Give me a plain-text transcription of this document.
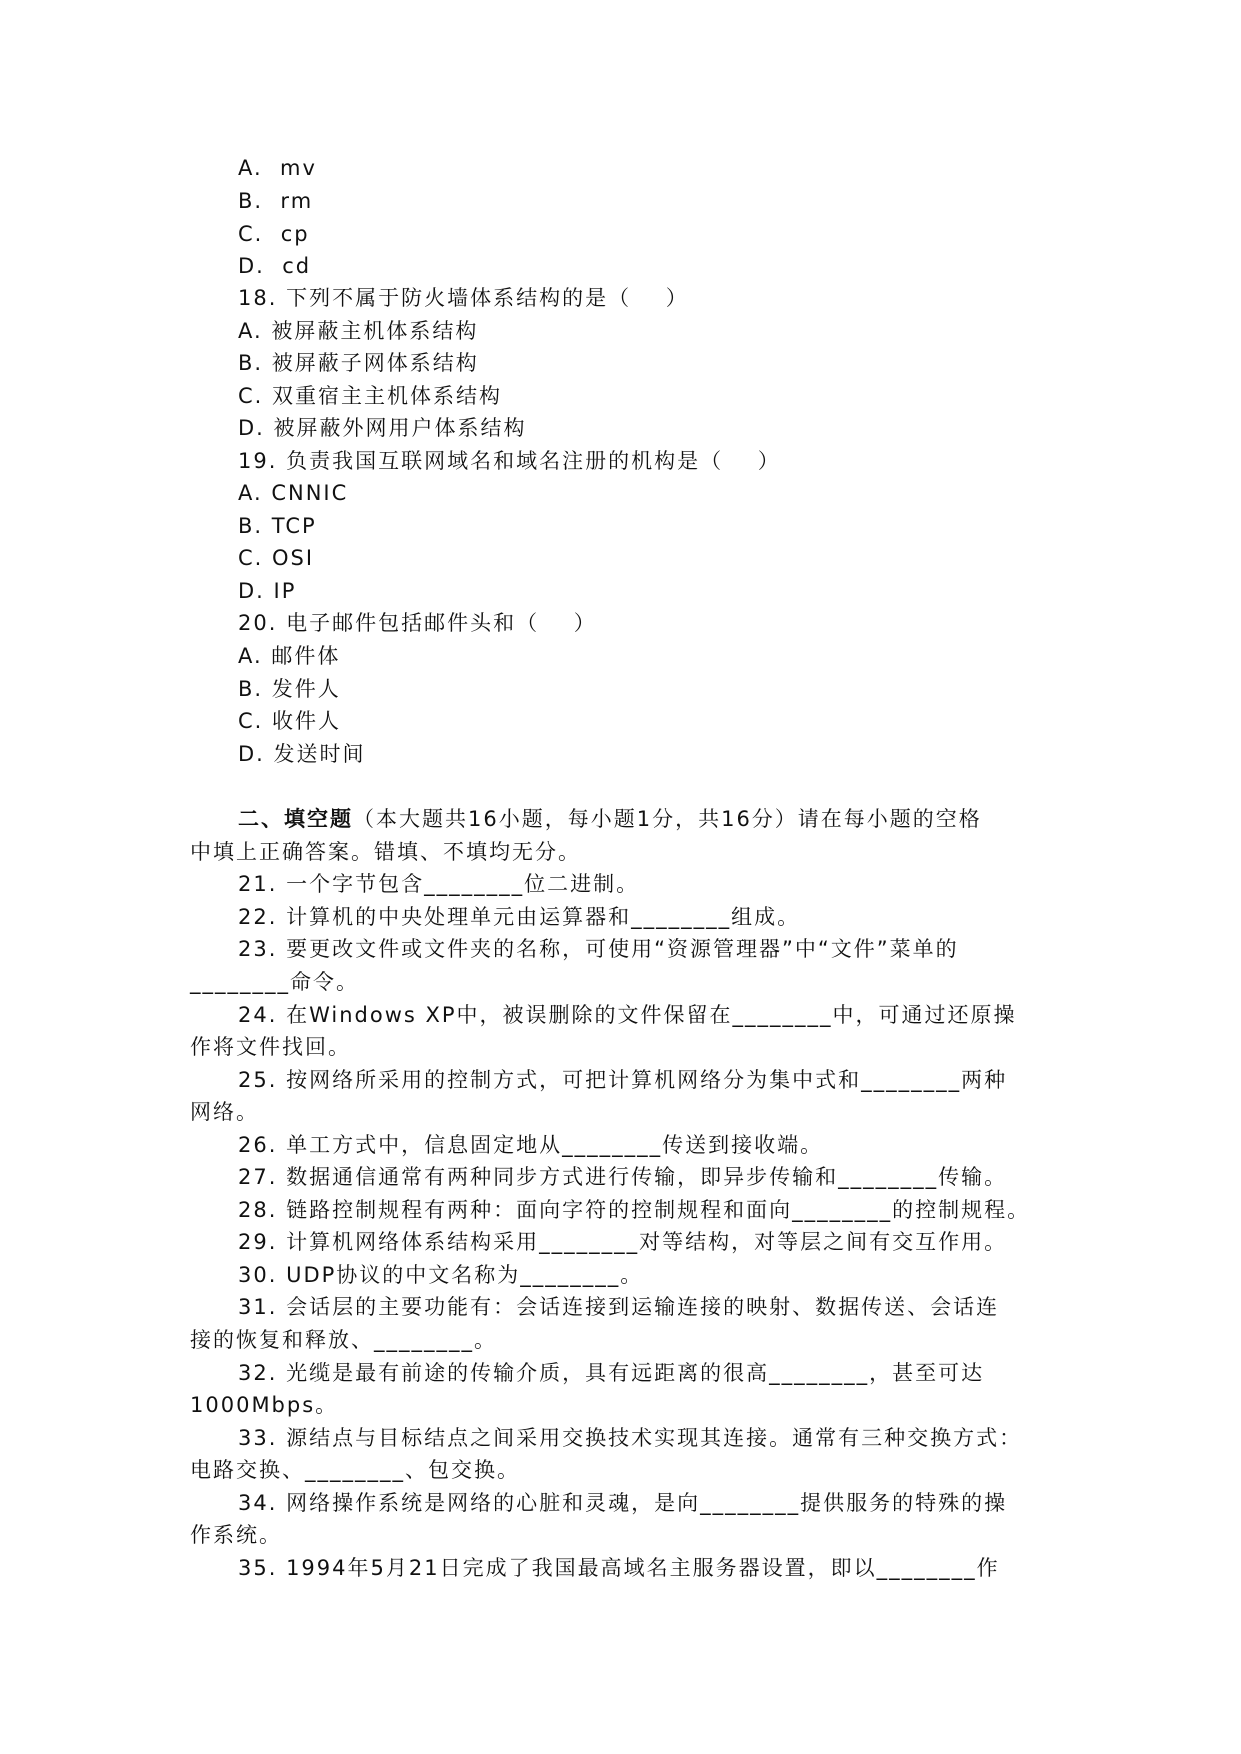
A.  mv
B.  rm
C.  cp
D.  cd
18. 下列不属于防火墙体系结构的是（    ）
A. 被屏蔽主机体系结构
B. 被屏蔽子网体系结构
C. 双重宿主主机体系结构
D. 被屏蔽外网用户体系结构
19. 负责我国互联网域名和域名注册的机构是（    ）
A. CNNIC
B. TCP
C. OSI
D. IP
20. 电子邮件包括邮件头和（    ）
A. 邮件体
B. 发件人
C. 收件人
D. 发送时间
二、填空题（本大题共16小题，每小题1分，共16分）请在每小题的空格
中填上正确答案。错填、不填均无分。
21. 一个字节包含________位二进制。
22. 计算机的中央处理单元由运算器和________组成。
23. 要更改文件或文件夹的名称，可使用“资源管理器”中“文件”菜单的
________命令。
24. 在Windows XP中，被误删除的文件保留在________中，可通过还原操
作将文件找回。
25. 按网络所采用的控制方式，可把计算机网络分为集中式和________两种
网络。
26. 单工方式中，信息固定地从________传送到接收端。
27. 数据通信通常有两种同步方式进行传输，即异步传输和________传输。
28. 链路控制规程有两种：面向字符的控制规程和面向________的控制规程。
29. 计算机网络体系结构采用________对等结构，对等层之间有交互作用。
30. UDP协议的中文名称为________。
31. 会话层的主要功能有：会话连接到运输连接的映射、数据传送、会话连
接的恢复和释放、________。
32. 光缆是最有前途的传输介质，具有远距离的很高________，甚至可达
1000Mbps。
33. 源结点与目标结点之间采用交换技术实现其连接。通常有三种交换方式：
电路交换、________、包交换。
34. 网络操作系统是网络的心脏和灵魂，是向________提供服务的特殊的操
作系统。
35. 1994年5月21日完成了我国最高域名主服务器设置，即以________作
